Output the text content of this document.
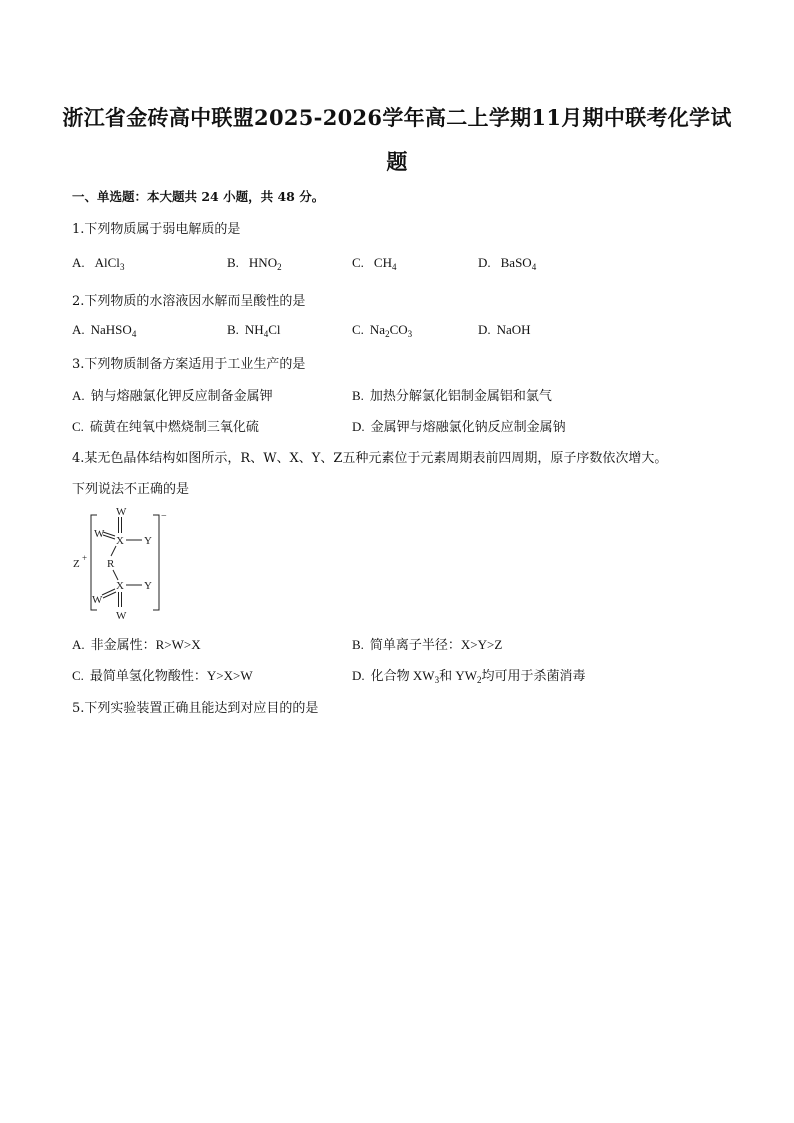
浙江省金砖高中联盟2025-2026学年高二上学期11月期中联考化学试
题
一、单选题：本大题共 24 小题，共 48 分。
1.下列物质属于弱电解质的是
A. AlCl$_3$	B. $HNO_2$	C. $CH_4$	D. BaSO$_4$
2.下列物质的水溶液因水解而呈酸性的是
A. NaHSO$_4$	B. $NH_4Cl$	C. $Na_2CO_3$	D. NaOH
3.下列物质制备方案适用于工业生产的是
A. 钠与熔融氯化钾反应制备金属钾	B. 加热分解氯化铝制金属铝和氯气
C. 硫黄在纯氧中燃烧制三氧化硫	D. 金属钾与熔融氯化钠反应制金属钠
4.某无色晶体结构如图所示，R、W、X、Y、Z五种元素位于元素周期表前四周期，原子序数依次增大。
下列说法不正确的是
Z +
−
W
X
W
Y
R
X Y
W
W
A. 非金属性：R>W>X	B. 简单离子半径：X>Y>Z
C. 最简单氢化物酸性：Y>X>W	D. 化合物 $XW_3$和 $YW_2$均可用于杀菌消毒
5.下列实验装置正确且能达到对应目的的是
